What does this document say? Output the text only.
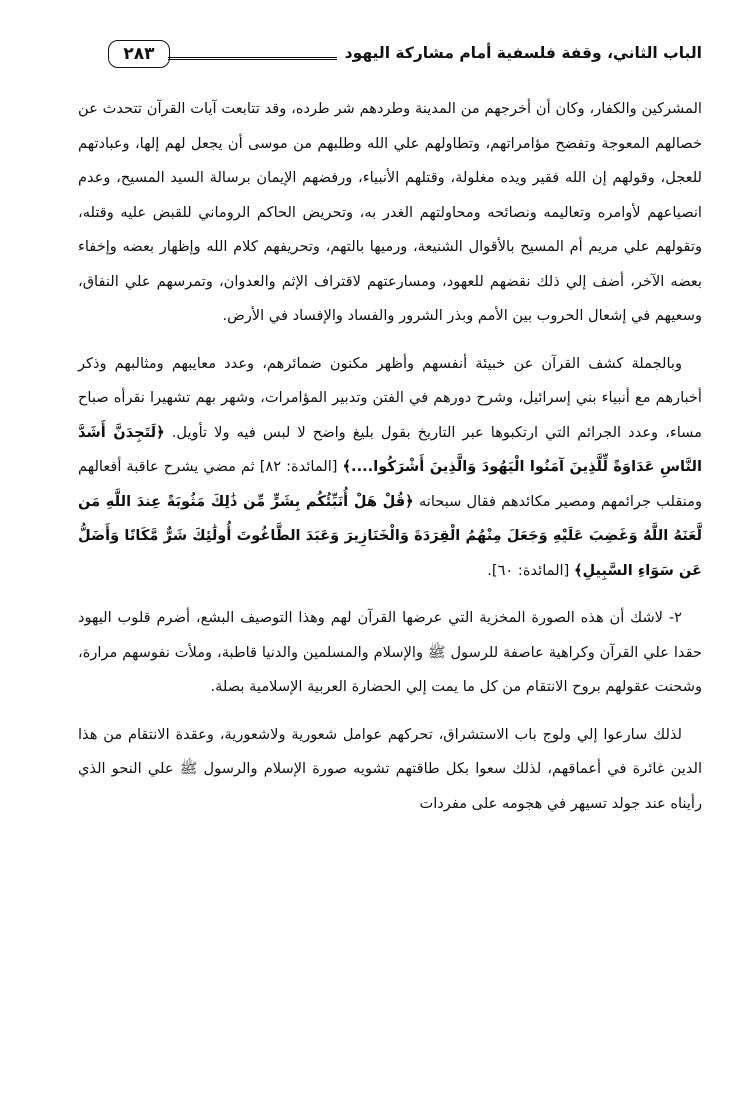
الباب الثاني، وقفة فلسفية أمام مشاركة اليهود
٢٨٣

المشركين والكفار، وكان أن أخرجهم من المدينة وطردهم شر طرده، وقد تتابعت آيات القرآن تتحدث عن خصالهم المعوجة وتفضح مؤامراتهم، وتطاولهم علي الله وطلبهم من موسى أن يجعل لهم إلها، وعبادتهم للعجل، وقولهم إن الله فقير ويده مغلولة، وقتلهم الأنبياء، ورفضهم الإيمان برسالة السيد المسيح، وعدم انصياعهم لأوامره وتعاليمه ونصائحه ومحاولتهم الغدر به، وتحريض الحاكم الروماني للقبض عليه وقتله، وتقولهم علي مريم أم المسيح بالأقوال الشنيعة، ورميها بالتهم، وتحريفهم كلام الله وإظهار بعضه وإخفاء بعضه الآخر، أضف إلي ذلك نقضهم للعهود، ومسارعتهم لاقتراف الإثم والعدوان، وتمرسهم علي النفاق، وسعيهم في إشعال الحروب بين الأمم وبذر الشرور والفساد والإفساد في الأرض.

وبالجملة كشف القرآن عن خبيئة أنفسهم وأظهر مكنون ضمائرهم، وعدد معايبهم ومثالبهم وذكر أخبارهم مع أنبياء بني إسرائيل، وشرح دورهم في الفتن وتدبير المؤامرات، وشهر بهم تشهيرا نقرأه صباح مساء، وعدد الجرائم التي ارتكبوها عبر التاريخ بقول بليغ واضح لا لبس فيه ولا تأويل. ﴿لَتَجِدَنَّ أَشَدَّ النَّاسِ عَدَاوَةً لِّلَّذِينَ آمَنُوا الْيَهُودَ وَالَّذِينَ أَشْرَكُوا....﴾ [المائدة: ٨٢] ثم مضي يشرح عاقبة أفعالهم ومنقلب جرائمهم ومصير مكائدهم فقال سبحانه ﴿قُلْ هَلْ أُنَبِّئُكُم بِشَرٍّ مِّن ذَٰلِكَ مَثُوبَةً عِندَ اللَّهِ مَن لَّعَنَهُ اللَّهُ وَغَضِبَ عَلَيْهِ وَجَعَلَ مِنْهُمُ الْقِرَدَةَ وَالْخَنَازِيرَ وَعَبَدَ الطَّاغُوتَ أُولَٰئِكَ شَرٌّ مَّكَانًا وَأَضَلُّ عَن سَوَاءِ السَّبِيلِ﴾ [المائدة: ٦٠].

٢- لاشك أن هذه الصورة المخزية التي عرضها القرآن لهم وهذا التوصيف البشع، أضرم قلوب اليهود حقدا علي القرآن وكراهية عاصفة للرسول ﷺ والإسلام والمسلمين والدنيا قاطبة، وملأت نفوسهم مرارة، وشحنت عقولهم بروح الانتقام من كل ما يمت إلي الحضارة العربية الإسلامية بصلة.

لذلك سارعوا إلي ولوج باب الاستشراق، تحركهم عوامل شعورية ولاشعورية، وعقدة الانتقام من هذا الدين غائرة في أعماقهم، لذلك سعوا بكل طاقتهم تشويه صورة الإسلام والرسول ﷺ علي النحو الذي رأيناه عند جولد تسيهر في هجومه على مفردات
